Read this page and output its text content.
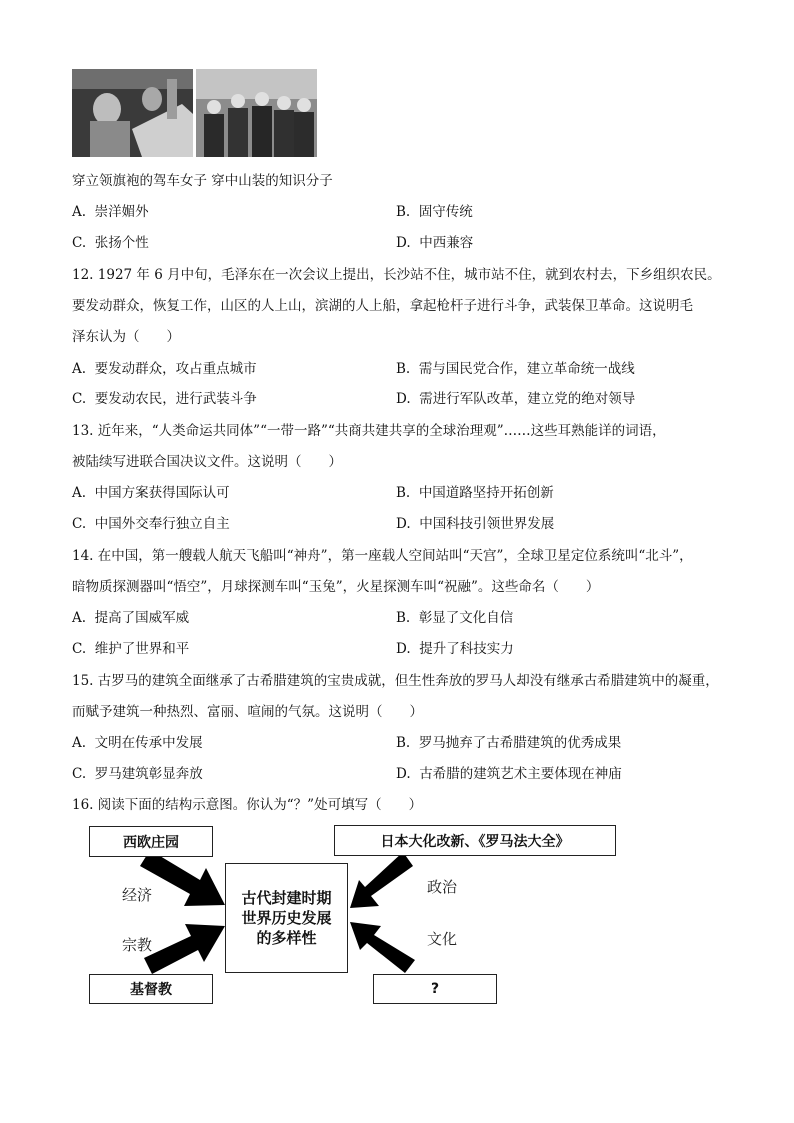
穿立领旗袍的驾车女子 穿中山装的知识分子
A. 崇洋媚外	B. 固守传统
C. 张扬个性	D. 中西兼容
12. 1927 年 6 月中旬，毛泽东在一次会议上提出，长沙站不住，城市站不住，就到农村去，下乡组织农民。
要发动群众，恢复工作，山区的人上山，滨湖的人上船，拿起枪杆子进行斗争，武装保卫革命。这说明毛
泽东认为（　　）
A. 要发动群众，攻占重点城市	B. 需与国民党合作，建立革命统一战线
C. 要发动农民，进行武装斗争	D. 需进行军队改革，建立党的绝对领导
13. 近年来，“人类命运共同体”“一带一路”“共商共建共享的全球治理观”……这些耳熟能详的词语，
被陆续写进联合国决议文件。这说明（　　）
A. 中国方案获得国际认可	B. 中国道路坚持开拓创新
C. 中国外交奉行独立自主	D. 中国科技引领世界发展
14. 在中国，第一艘载人航天飞船叫“神舟”，第一座载人空间站叫“天宫”，全球卫星定位系统叫“北斗”，
暗物质探测器叫“悟空”，月球探测车叫“玉兔”，火星探测车叫“祝融”。这些命名（　　）
A. 提高了国威军威	B. 彰显了文化自信
C. 维护了世界和平	D. 提升了科技实力
15. 古罗马的建筑全面继承了古希腊建筑的宝贵成就，但生性奔放的罗马人却没有继承古希腊建筑中的凝重，
而赋予建筑一种热烈、富丽、喧闹的气氛。这说明（　　）
A. 文明在传承中发展	B. 罗马抛弃了古希腊建筑的优秀成果
C. 罗马建筑彰显奔放	D. 古希腊的建筑艺术主要体现在神庙
16. 阅读下面的结构示意图。你认为“？”处可填写（　　）
西欧庄园	日本大化改新、《罗马法大全》
基督教	?
古代封建时期
世界历史发展
的多样性
经济
宗教
政治
文化
